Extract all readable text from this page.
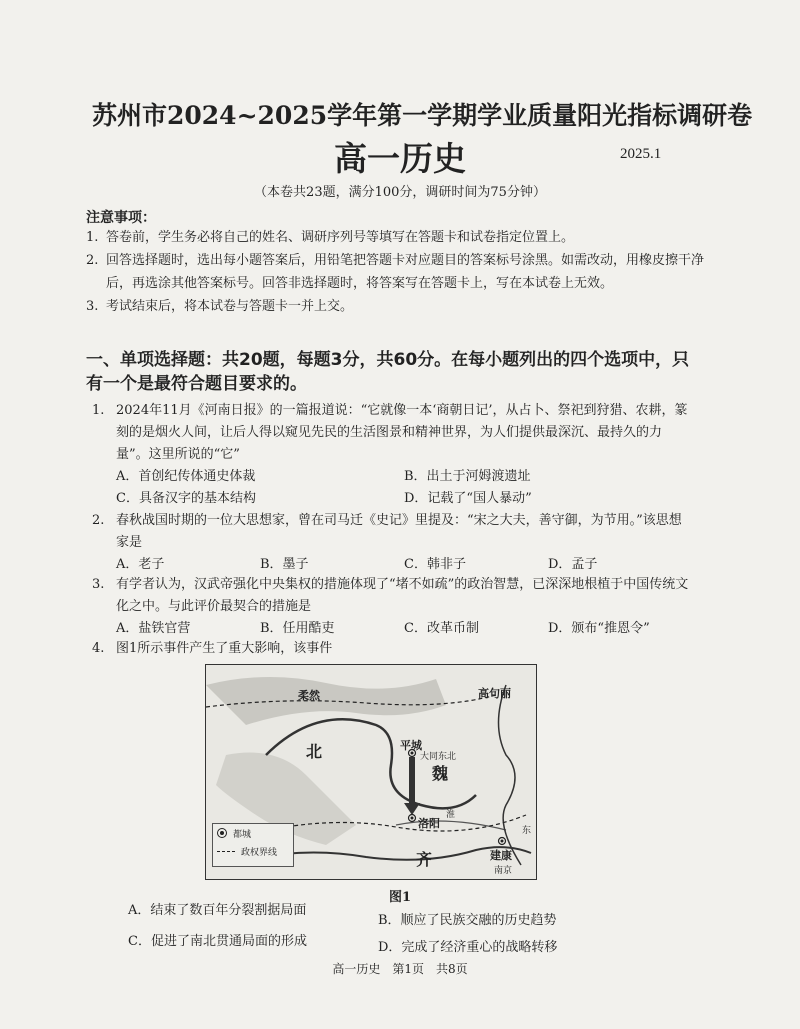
苏州市2024~2025学年第一学期学业质量阳光指标调研卷
高一历史	2025.1
（本卷共23题，满分100分，调研时间为75分钟）
注意事项：
1. 答卷前，学生务必将自己的姓名、调研序列号等填写在答题卡和试卷指定位置上。
2. 回答选择题时，选出每小题答案后，用铅笔把答题卡对应题目的答案标号涂黑。如需改动，用橡皮擦干净后，再选涂其他答案标号。回答非选择题时，将答案写在答题卡上，写在本试卷上无效。
3. 考试结束后，将本试卷与答题卡一并上交。
一、单项选择题：共20题，每题3分，共60分。在每小题列出的四个选项中，只有一个是最符合题目要求的。
1. 2024年11月《河南日报》的一篇报道说：“它就像一本‘商朝日记’，从占卜、祭祀到狩猎、农耕，篆刻的是烟火人间，让后人得以窥见先民的生活图景和精神世界，为人们提供最深沉、最持久的力量”。这里所说的“它”
A．首创纪传体通史体裁	B．出土于河姆渡遗址
C．具备汉字的基本结构	D．记载了“国人暴动”
2. 春秋战国时期的一位大思想家，曾在司马迁《史记》里提及：“宋之大夫，善守御，为节用。”该思想家是
A．老子	B．墨子	C．韩非子	D．孟子
3. 有学者认为，汉武帝强化中央集权的措施体现了“堵不如疏”的政治智慧，已深深地根植于中国传统文化之中。与此评价最契合的措施是
A．盐铁官营	B．任用酷吏	C．改革币制	D．颁布“推恩令”
4. 图1所示事件产生了重大影响，该事件
柔然	高句丽
平城
大同东北
魏
北
洛阳
淮
齐	建康
南京
东
都城
政权界线
图1
A．结束了数百年分裂割据局面
B．顺应了民族交融的历史趋势
C．促进了南北贯通局面的形成	D．完成了经济重心的战略转移
高一历史　第1页　共8页
